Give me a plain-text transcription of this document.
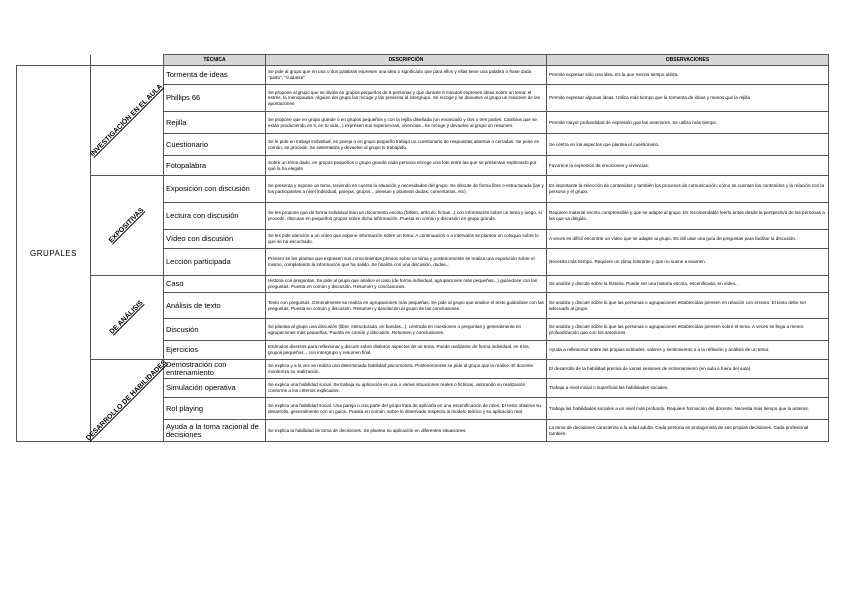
		TÉCNICA	DESCRIPCIÓN	OBSERVACIONES
GRUPALES	INVESTIGACIÓN EN EL AULA	Tormenta de ideas	Se pide al grupo que en una o dos palabras expresen una idea o significado que para ellos y ellas tiene una palabra o frase dada "parto", "cuidarse"	Permite expresar sólo una idea. Es la que menos tiempo utiliza.
		Phillips 66	Se propone al grupo que se divida en grupos pequeños de 6 personas y que durante 6 minutos expresen ideas sobre un tema: el estrés, la menopausia. Alguien del grupo las recoge y las presenta al intergrupo. Se recoge y se devuelve al grupo un resumen de las aportaciones	Permite expresar algunas ideas. Utiliza más tiempo que la tormenta de ideas y menos que la rejilla
		Rejilla	Se propone que en grupo grande o en grupos pequeños y con la rejilla diseñada (un enunciado y dos o tres partes: Cambios que se están produciendo en ti, en tu vida...) expresen sus experiencias, vivencias...Se recoge y devuelve al grupo un resumen.	Permite mayor profundidad de expresión que las anteriores. Se utiliza más tiempo.
		Cuestionario	Se le pide un trabajo individual, en pareja o en grupo pequeño trabajo un cuestionario de respuestas abiertas o cerradas. Se pone en común, se procede. Se sistematiza y devuelve al grupo lo trabajado.	Se centra en los aspectos que plantea el cuestionario.
		Fotopalabra	Sobre un tema dado, en grupos pequeños o grupo grande cada persona escoge una foto entre las que se presentan explicando por qué la ha elegido	Favorece la expresión de emociones y vivencias.

	EXPOSITIVAS	Exposición con discusión	Se presenta y expone un tema, teniendo en cuenta la situación y necesidades del grupo. Se discute de forma libre o estructurada (las y los participantes a nivel individual, parejas, grupos... piensan y plantean dudas, comentarios, etc).	Es importante la selección de contenidos y también los procesos de comunicación: cómo se cuentan los contenidos y la relación con la persona y el grupo.
		Lectura con discusión	Se les propone que de forma individual lean un documento escrito (folleto, artículo, fichas...) con información sobre un tema y luego, si procede, discutan en pequeños grupos sobre dicha información. Puesta en común y discusión en grupo grande.	Requiere material escrito comprensible y que se adapte al grupo. Es recomendable leerlo antes desde la perspectiva de las personas a las que va dirigido.
		Vídeo con discusión	Se les pide atención a un vídeo que expone información sobre un tema. A continuación o a intervalos se plantea un coloquio sobre lo que se ha escuchado.	A veces es difícil encontrar un vídeo que se adapte al grupo. Es útil usar una guía de preguntas para facilitar la discusión.
		Lección participada	Primero se les plantea que expresen sus conocimientos previos sobre un tema y posteriormente se realiza una exposición sobre el mismo, completando la información que ha salido. Se finaliza con una discusión, dudas...	Necesita más tiempo. Requiere un clima tolerante y que no suene a examen.

	DE ANÁLISIS	Caso	Historia con preguntas. Se pide al grupo que analice el caso (de forma individual, agrupaciones más pequeñas...) guiándose con las preguntas. Puesta en común y discusión. Resumen y conclusiones.	Se analiza y discute sobre la historia. Puede ser una historia escrita, escenificada, en vídeo...
		Análisis de texto	Texto con preguntas. Generalmente se realiza en agrupaciones más pequeñas. Se pide al grupo que analice el texto guiándose con las preguntas. Puesta en común y discusión. Resumen y devolución al grupo de las conclusiones.	Se analiza y discute sobre lo que las personas o agrupaciones establecidas piensen en relación con el texto. El texto debe ser adecuado al grupo.
		Discusión	Se plantea al grupo una discusión (libre, estructurada, en bandas...), centrada en cuestiones o preguntas y generalmente en agrupaciones más pequeñas. Puesta en común y discusión. Resumen y conclusiones.	Se analiza y discute sobre lo que las personas o agrupaciones establecidas piensen sobre el tema. A veces se llega a menor profundización que con los anteriores.
		Ejercicios	Estímulos diversos para reflexionar y discutir sobre distintos aspectos de un tema. Puede realizarse de forma individual, en tríos, grupos pequeños... con intergrupo y resumen final.	Ayuda a reflexionar sobre las propias actitudes, valores y sentimientos o a la reflexión y análisis de un tema.

	DESARROLLO DE HABILIDADES	Demostración con entrenamiento	Se explica y a la vez se realiza una determinada habilidad psicomotora. Posteriormente se pide al grupo que la realice. El docente monitoriza su realización.	El desarrollo de la habilidad precisa de varias sesiones de entrenamiento (en aula o fuera del aula).
		Simulación operativa	Se explica una habilidad social. Se trabaja su aplicación en una o varias situaciones reales o ficticias, valorando su realización conforme a los criterios explicados.	Trabaja a nivel inicial o superficial las habilidades sociales.
		Rol playing	Se explica una habilidad social. Una pareja o una parte del grupo trata de aplicarla en una escenificación de roles. El resto observa su desarrollo, generalmente con un guion. Puesta en común, sobre lo observado respecto al modelo teórico y su aplicación real.	Trabaja las habilidades sociales a un nivel más profundo. Requiere formación del docente. Necesita más tiempo que la anterior.
		Ayuda a la toma racional de decisiones	Se explica la habilidad de toma de decisiones. Se plantea su aplicación en diferentes situaciones.	La toma de decisiones caracteriza a la edad adulta. Cada persona es protagonista de sus propias decisiones. Cada profesional también.
